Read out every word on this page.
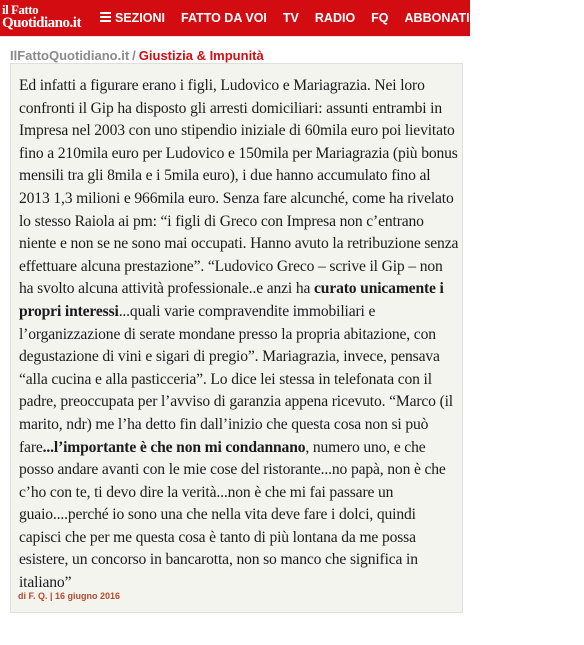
il Fatto
Quotidiano.it	SEZIONI FATTO DA VOI TV RADIO FQ ABBONATI FATTO SOCIA
IlFattoQuotidiano.it / Giustizia & Impunità

Ed infatti a figurare erano i figli, Ludovico e Mariagrazia. Nei loro confronti il Gip ha disposto gli arresti domiciliari: assunti entrambi in Impresa nel 2003 con uno stipendio iniziale di 60mila euro poi lievitato fino a 210mila euro per Ludovico e 150mila per Mariagrazia (più bonus mensili tra gli 8mila e i 5mila euro), i due hanno accumulato fino al 2013 1,3 milioni e 966mila euro. Senza fare alcunché, come ha rivelato lo stesso Raiola ai pm: “i figli di Greco con Impresa non c’entrano niente e non se ne sono mai occupati. Hanno avuto la retribuzione senza effettuare alcuna prestazione”. “Ludovico Greco – scrive il Gip – non ha svolto alcuna attività professionale..e anzi ha curato unicamente i propri interessi...quali varie compravendite immobiliari e l’organizzazione di serate mondane presso la propria abitazione, con degustazione di vini e sigari di pregio”. Mariagrazia, invece, pensava “alla cucina e alla pasticceria”. Lo dice lei stessa in telefonata con il padre, preoccupata per l’avviso di garanzia appena ricevuto. “Marco (il marito, ndr) me l’ha detto fin dall’inizio che questa cosa non si può fare...l’importante è che non mi condannano, numero uno, e che posso andare avanti con le mie cose del ristorante...no papà, non è che c’ho con te, ti devo dire la verità...non è che mi fai passare un guaio....perché io sono una che nella vita deve fare i dolci, quindi capisci che per me questa cosa è tanto di più lontana da me possa esistere, un concorso in bancarotta, non so manco che significa in italiano”

di F. Q. | 16 giugno 2016
